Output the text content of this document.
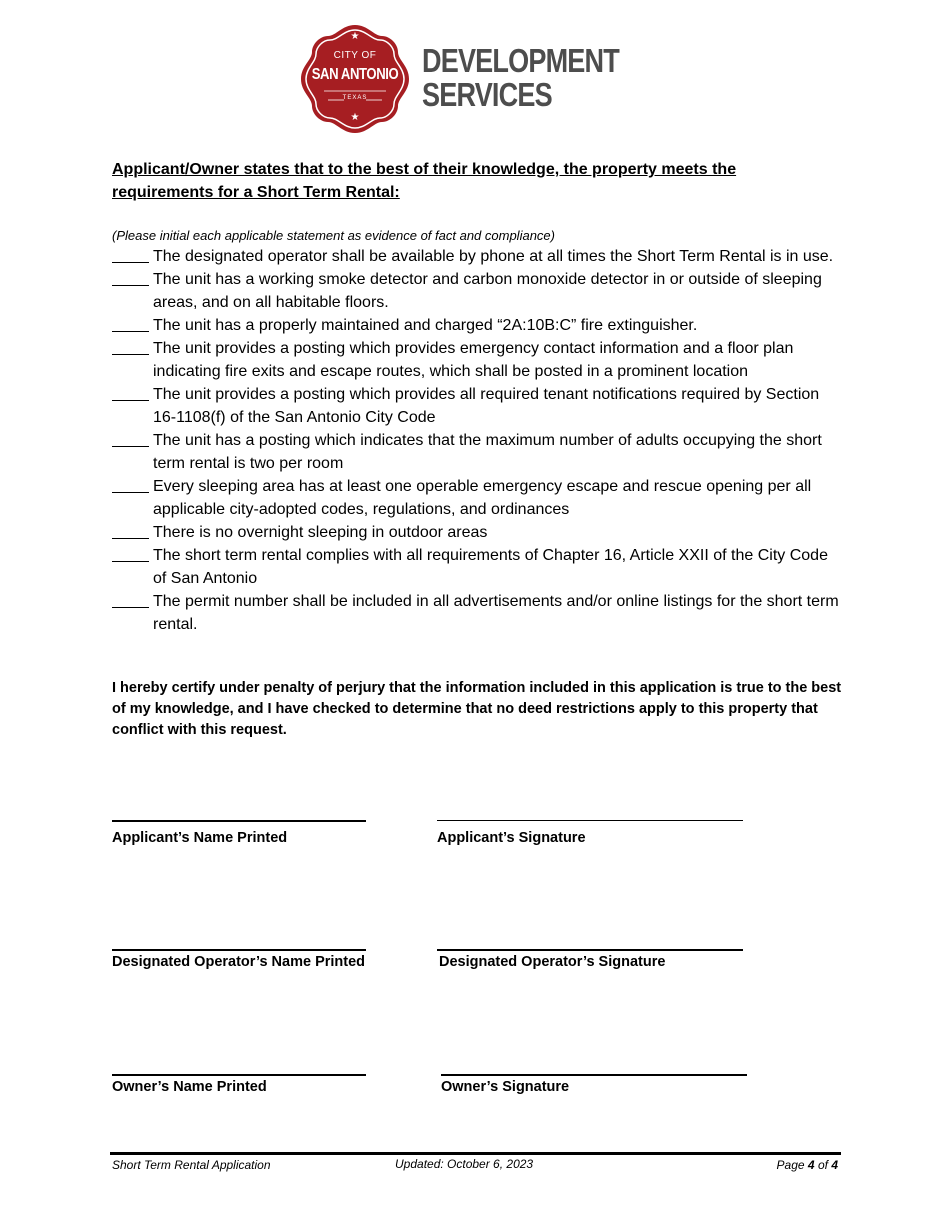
★
CITY OF
SAN ANTONIO
TEXAS
★
DEVELOPMENT
SERVICES
Applicant/Owner states that to the best of their knowledge, the property meets the requirements for a Short Term Rental:
(Please initial each applicable statement as evidence of fact and compliance)
The designated operator shall be available by phone at all times the Short Term Rental is in use.
The unit has a working smoke detector and carbon monoxide detector in or outside of sleeping areas, and on all habitable floors.
The unit has a properly maintained and charged “2A:10B:C” fire extinguisher.
The unit provides a posting which provides emergency contact information and a floor plan indicating fire exits and escape routes, which shall be posted in a prominent location
The unit provides a posting which provides all required tenant notifications required by Section 16-1108(f) of the San Antonio City Code
The unit has a posting which indicates that the maximum number of adults occupying the short term rental is two per room
Every sleeping area has at least one operable emergency escape and rescue opening per all applicable city-adopted codes, regulations, and ordinances
There is no overnight sleeping in outdoor areas
The short term rental complies with all requirements of Chapter 16, Article XXII of the City Code of San Antonio
The permit number shall be included in all advertisements and/or online listings for the short term rental.
I hereby certify under penalty of perjury that the information included in this application is true to the best of my knowledge, and I have checked to determine that no deed restrictions apply to this property that conflict with this request.
Applicant’s Name Printed	Applicant’s Signature
Designated Operator’s Name Printed	Designated Operator’s Signature
Owner’s Name Printed	Owner’s Signature
Short Term Rental Application	Updated: October 6, 2023	Page 4 of 4
